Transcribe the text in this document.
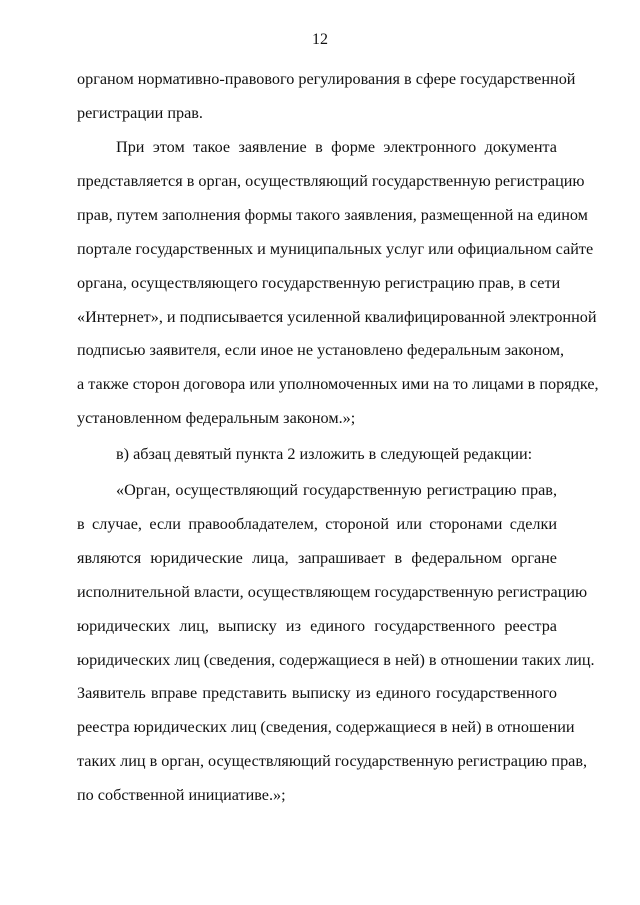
12

органом нормативно-правового регулирования в сфере государственной
регистрации прав.

При этом такое заявление в форме электронного документа
представляется в орган, осуществляющий государственную регистрацию
прав, путем заполнения формы такого заявления, размещенной на едином
портале государственных и муниципальных услуг или официальном сайте
органа, осуществляющего государственную регистрацию прав, в сети
«Интернет», и подписывается усиленной квалифицированной электронной
подписью заявителя, если иное не установлено федеральным законом,
а также сторон договора или уполномоченных ими на то лицами в порядке,
установленном федеральным законом.»;

в) абзац девятый пункта 2 изложить в следующей редакции:

«Орган, осуществляющий государственную регистрацию прав,
в случае, если правообладателем, стороной или сторонами сделки
являются юридические лица, запрашивает в федеральном органе
исполнительной власти, осуществляющем государственную регистрацию
юридических лиц, выписку из единого государственного реестра
юридических лиц (сведения, содержащиеся в ней) в отношении таких лиц.
Заявитель вправе представить выписку из единого государственного
реестра юридических лиц (сведения, содержащиеся в ней) в отношении
таких лиц в орган, осуществляющий государственную регистрацию прав,
по собственной инициативе.»;
